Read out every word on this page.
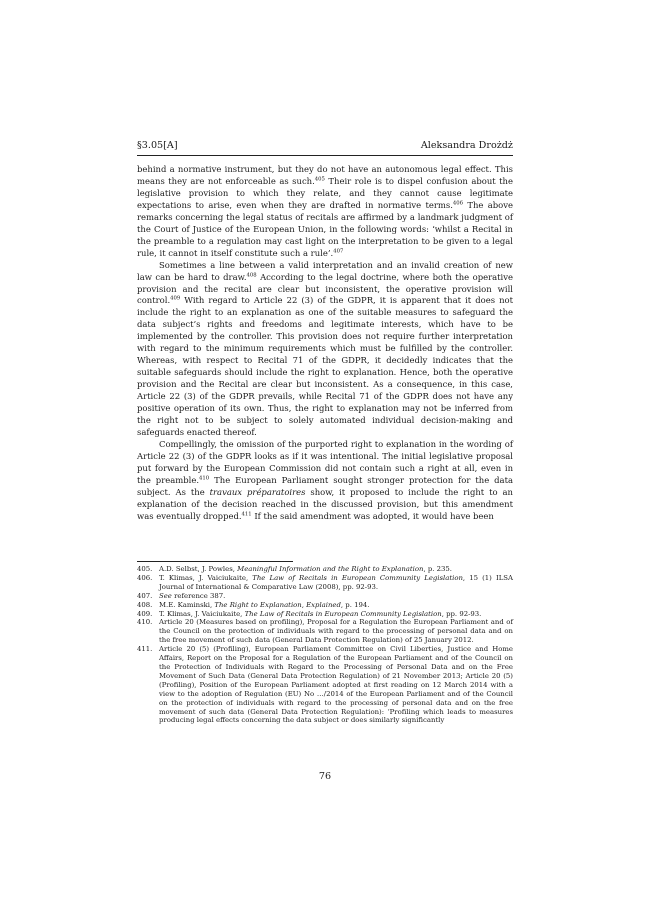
§3.05[A]	Aleksandra Drożdż

behind a normative instrument, but they do not have an autonomous legal effect. This means they are not enforceable as such.$^{405}$ Their role is to dispel confusion about the legislative provision to which they relate, and they cannot cause legitimate expectations to arise, even when they are drafted in normative terms.$^{406}$ The above remarks concerning the legal status of recitals are affirmed by a landmark judgment of the Court of Justice of the European Union, in the following words: ‘whilst a Recital in the preamble to a regulation may cast light on the interpretation to be given to a legal rule, it cannot in itself constitute such a rule’.$^{407}$

Sometimes a line between a valid interpretation and an invalid creation of new law can be hard to draw.$^{408}$ According to the legal doctrine, where both the operative provision and the recital are clear but inconsistent, the operative provision will control.$^{409}$ With regard to Article 22 (3) of the GDPR, it is apparent that it does not include the right to an explanation as one of the suitable measures to safeguard the data subject’s rights and freedoms and legitimate interests, which have to be implemented by the controller. This provision does not require further interpretation with regard to the minimum requirements which must be fulfilled by the controller. Whereas, with respect to Recital 71 of the GDPR, it decidedly indicates that the suitable safeguards should include the right to explanation. Hence, both the operative provision and the Recital are clear but inconsistent. As a consequence, in this case, Article 22 (3) of the GDPR prevails, while Recital 71 of the GDPR does not have any positive operation of its own. Thus, the right to explanation may not be inferred from the right not to be subject to solely automated individual decision-making and safeguards enacted thereof.

Compellingly, the omission of the purported right to explanation in the wording of Article 22 (3) of the GDPR looks as if it was intentional. The initial legislative proposal put forward by the European Commission did not contain such a right at all, even in the preamble.$^{410}$ The European Parliament sought stronger protection for the data subject. As the travaux préparatoires show, it proposed to include the right to an explanation of the decision reached in the discussed provision, but this amendment was eventually dropped.$^{411}$ If the said amendment was adopted, it would have been

405. A.D. Selbst, J. Powles, Meaningful Information and the Right to Explanation, p. 235.
406. T. Klimas, J. Vaiciukaite, The Law of Recitals in European Community Legislation, 15 (1) ILSA Journal of International & Comparative Law (2008), pp. 92-93.
407. See reference 387.
408. M.E. Kaminski, The Right to Explanation, Explained, p. 194.
409. T. Klimas, J. Vaiciukaite, The Law of Recitals in European Community Legislation, pp. 92-93.
410. Article 20 (Measures based on profiling), Proposal for a Regulation the European Parliament and of the Council on the protection of individuals with regard to the processing of personal data and on the free movement of such data (General Data Protection Regulation) of 25 January 2012.
411. Article 20 (5) (Profiling), European Parliament Committee on Civil Liberties, Justice and Home Affairs, Report on the Proposal for a Regulation of the European Parliament and of the Council on the Protection of Individuals with Regard to the Processing of Personal Data and on the Free Movement of Such Data (General Data Protection Regulation) of 21 November 2013; Article 20 (5) (Profiling), Position of the European Parliament adopted at first reading on 12 March 2014 with a view to the adoption of Regulation (EU) No …/2014 of the European Parliament and of the Council on the protection of individuals with regard to the processing of personal data and on the free movement of such data (General Data Protection Regulation): ‘Profiling which leads to measures producing legal effects concerning the data subject or does similarly significantly
76
